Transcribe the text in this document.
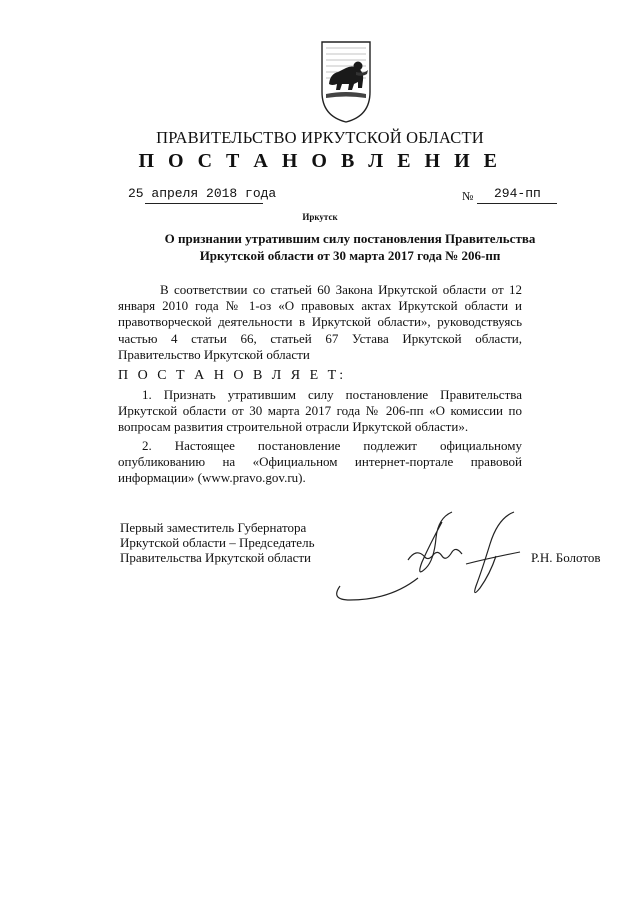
ПРАВИТЕЛЬСТВО ИРКУТСКОЙ ОБЛАСТИ
П О С Т А Н О В Л Е Н И Е
25 апреля 2018 года	№ 294-пп
Иркутск
О признании утратившим силу постановления Правительства Иркутской области от 30 марта 2017 года № 206-пп
В соответствии со статьей 60 Закона Иркутской области от 12 января 2010 года № 1-оз «О правовых актах Иркутской области и правотворческой деятельности в Иркутской области», руководствуясь частью 4 статьи 66, статьей 67 Устава Иркутской области, Правительство Иркутской области
П О С Т А Н О В Л Я Е Т:
1. Признать утратившим силу постановление Правительства Иркутской области от 30 марта 2017 года № 206-пп «О комиссии по вопросам развития строительной отрасли Иркутской области».
2. Настоящее постановление подлежит официальному опубликованию на «Официальном интернет-портале правовой информации» (www.pravo.gov.ru).
Первый заместитель Губернатора
Иркутской области – Председатель
Правительства Иркутской области	Р.Н. Болотов
